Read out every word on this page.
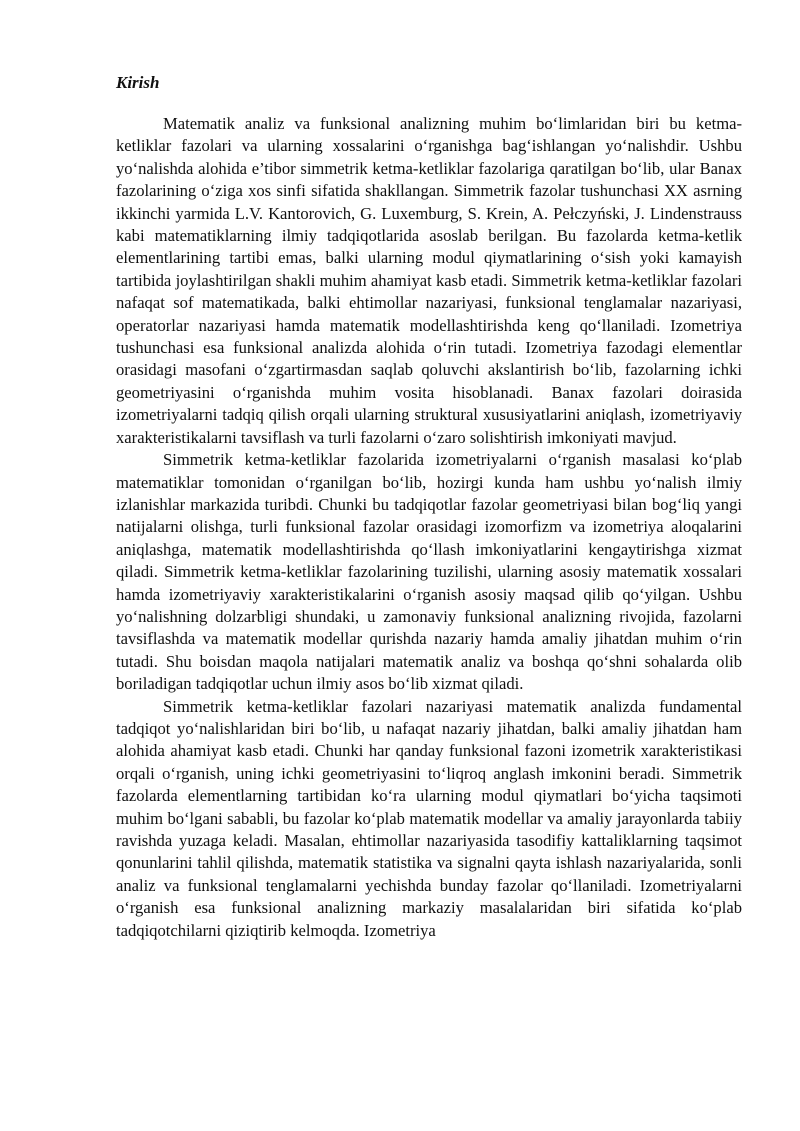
Kirish

Matematik analiz va funksional analizning muhim bo‘limlaridan biri bu ketma-ketliklar fazolari va ularning xossalarini o‘rganishga bag‘ishlangan yo‘nalishdir. Ushbu yo‘nalishda alohida e’tibor simmetrik ketma-ketliklar fazolariga qaratilgan bo‘lib, ular Banax fazolarining o‘ziga xos sinfi sifatida shakllangan. Simmetrik fazolar tushunchasi XX asrning ikkinchi yarmida L.V. Kantorovich, G. Luxemburg, S. Krein, A. Pełczyński, J. Lindenstrauss kabi matematiklarning ilmiy tadqiqotlarida asoslab berilgan. Bu fazolarda ketma-ketlik elementlarining tartibi emas, balki ularning modul qiymatlarining o‘sish yoki kamayish tartibida joylashtirilgan shakli muhim ahamiyat kasb etadi. Simmetrik ketma-ketliklar fazolari nafaqat sof matematikada, balki ehtimollar nazariyasi, funksional tenglamalar nazariyasi, operatorlar nazariyasi hamda matematik modellashtirishda keng qo‘llaniladi. Izometriya tushunchasi esa funksional analizda alohida o‘rin tutadi. Izometriya fazodagi elementlar orasidagi masofani o‘zgartirmasdan saqlab qoluvchi akslantirish bo‘lib, fazolarning ichki geometriyasini o‘rganishda muhim vosita hisoblanadi. Banax fazolari doirasida izometriyalarni tadqiq qilish orqali ularning struktural xususiyatlarini aniqlash, izometriyaviy xarakteristikalarni tavsiflash va turli fazolarni o‘zaro solishtirish imkoniyati mavjud.

Simmetrik ketma-ketliklar fazolarida izometriyalarni o‘rganish masalasi ko‘plab matematiklar tomonidan o‘rganilgan bo‘lib, hozirgi kunda ham ushbu yo‘nalish ilmiy izlanishlar markazida turibdi. Chunki bu tadqiqotlar fazolar geometriyasi bilan bog‘liq yangi natijalarni olishga, turli funksional fazolar orasidagi izomorfizm va izometriya aloqalarini aniqlashga, matematik modellashtirishda qo‘llash imkoniyatlarini kengaytirishga xizmat qiladi. Simmetrik ketma-ketliklar fazolarining tuzilishi, ularning asosiy matematik xossalari hamda izometriyaviy xarakteristikalarini o‘rganish asosiy maqsad qilib qo‘yilgan. Ushbu yo‘nalishning dolzarbligi shundaki, u zamonaviy funksional analizning rivojida, fazolarni tavsiflashda va matematik modellar qurishda nazariy hamda amaliy jihatdan muhim o‘rin tutadi. Shu boisdan maqola natijalari matematik analiz va boshqa qo‘shni sohalarda olib boriladigan tadqiqotlar uchun ilmiy asos bo‘lib xizmat qiladi.

Simmetrik ketma-ketliklar fazolari nazariyasi matematik analizda fundamental tadqiqot yo‘nalishlaridan biri bo‘lib, u nafaqat nazariy jihatdan, balki amaliy jihatdan ham alohida ahamiyat kasb etadi. Chunki har qanday funksional fazoni izometrik xarakteristikasi orqali o‘rganish, uning ichki geometriyasini to‘liqroq anglash imkonini beradi. Simmetrik fazolarda elementlarning tartibidan ko‘ra ularning modul qiymatlari bo‘yicha taqsimoti muhim bo‘lgani sababli, bu fazolar ko‘plab matematik modellar va amaliy jarayonlarda tabiiy ravishda yuzaga keladi. Masalan, ehtimollar nazariyasida tasodifiy kattaliklarning taqsimot qonunlarini tahlil qilishda, matematik statistika va signalni qayta ishlash nazariyalarida, sonli analiz va funksional tenglamalarni yechishda bunday fazolar qo‘llaniladi. Izometriyalarni o‘rganish esa funksional analizning markaziy masalalaridan biri sifatida ko‘plab tadqiqotchilarni qiziqtirib kelmoqda. Izometriya
